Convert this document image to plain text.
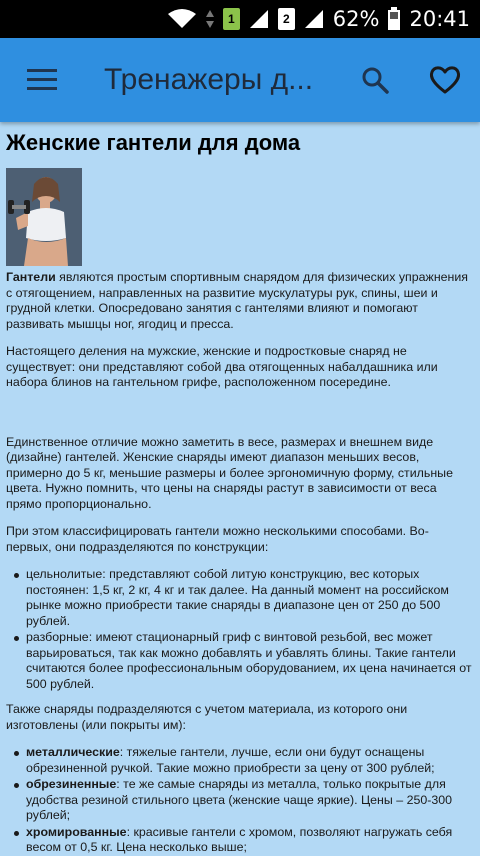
1	2 62% 20:41
Тренажеры д...
Женские гантели для дома

Гантели являются простым спортивным снарядом для физических упражнения с отягощением, направленных на развитие мускулатуры рук, спины, шеи и грудной клетки. Опосредовано занятия с гантелями влияют и помогают развивать мышцы ног, ягодиц и пресса.

Настоящего деления на мужские, женские и подростковые снаряд не существует: они представляют собой два отягощенных набалдашника или набора блинов на гантельном грифе, расположенном посередине.

Единственное отличие можно заметить в весе, размерах и внешнем виде (дизайне) гантелей. Женские снаряды имеют диапазон меньших весов, примерно до 5 кг, меньшие размеры и более эргономичную форму, стильные цвета. Нужно помнить, что цены на снаряды растут в зависимости от веса прямо пропорционально.

При этом классифицировать гантели можно несколькими способами. Во-первых, они подразделяются по конструкции:

цельнолитые: представляют собой литую конструкцию, вес которых постоянен: 1,5 кг, 2 кг, 4 кг и так далее. На данный момент на российском рынке можно приобрести такие снаряды в диапазоне цен от 250 до 500 рублей.
разборные: имеют стационарный гриф с винтовой резьбой, вес может варьироваться, так как можно добавлять и убавлять блины. Такие гантели считаются более профессиональным оборудованием, их цена начинается от 500 рублей.

Также снаряды подразделяются с учетом материала, из которого они изготовлены (или покрыты им):

металлические: тяжелые гантели, лучше, если они будут оснащены обрезиненной ручкой. Такие можно приобрести за цену от 300 рублей;
обрезиненные: те же самые снаряды из металла, только покрытые для удобства резиной стильного цвета (женские чаще яркие). Цены – 250-300 рублей;
хромированные: красивые гантели с хромом, позволяют нагружать себя весом от 0,5 кг. Цена несколько выше;
